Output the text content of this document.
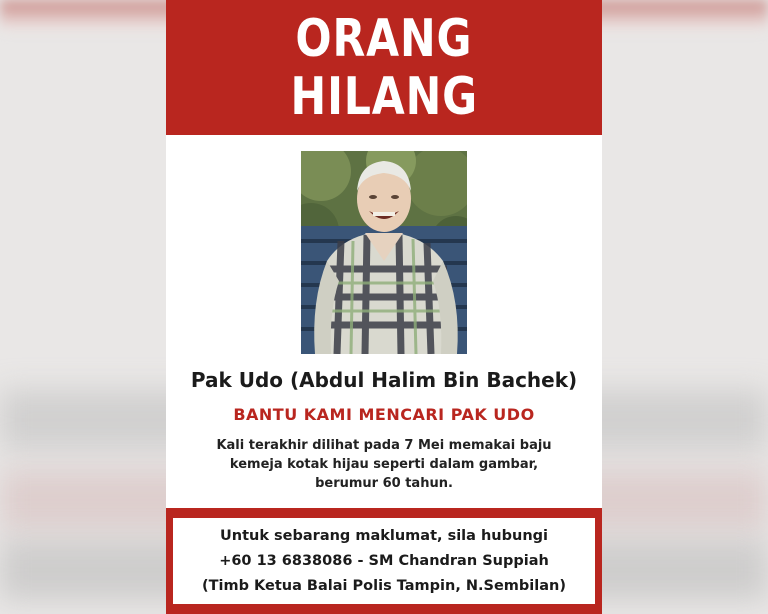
ORANG
HILANG
Pak Udo (Abdul Halim Bin Bachek)
BANTU KAMI MENCARI PAK UDO
Kali terakhir dilihat pada 7 Mei memakai baju kemeja kotak hijau seperti dalam gambar, berumur 60 tahun.
Untuk sebarang maklumat, sila hubungi
+60 13 6838086 - SM Chandran Suppiah
(Timb Ketua Balai Polis Tampin, N.Sembilan)
